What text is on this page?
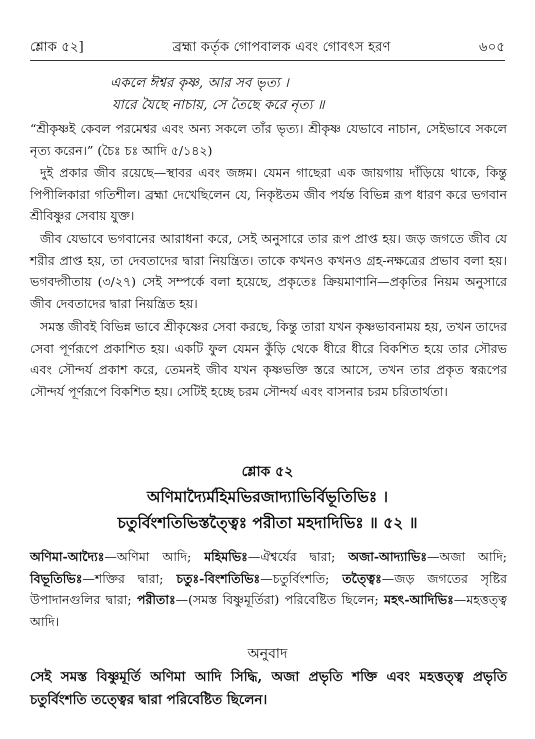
শ্লোক ৫২]	ব্রহ্মা কর্তৃক গোপবালক এবং গোবৎস হরণ	৬০৫
একলে ঈশ্বর কৃষ্ণ, আর সব ভৃত্য ।
যারে যৈছে নাচায়, সে তৈছে করে নৃত্য ॥
“শ্রীকৃষ্ণই কেবল পরমেশ্বর এবং অন্য সকলে তাঁর ভৃত্য। শ্রীকৃষ্ণ যেভাবে নাচান, সেইভাবে সকলে নৃত্য করেন।” (চৈঃ চঃ আদি ৫/১৪২)
দুই প্রকার জীব রয়েছে—স্থাবর এবং জঙ্গম। যেমন গাছেরা এক জায়গায় দাঁড়িয়ে থাকে, কিন্তু পিপীলিকারা গতিশীল। ব্রহ্মা দেখেছিলেন যে, নিকৃষ্টতম জীব পর্যন্ত বিভিন্ন রূপ ধারণ করে ভগবান শ্রীবিষ্ণুর সেবায় যুক্ত।
জীব যেভাবে ভগবানের আরাধনা করে, সেই অনুসারে তার রূপ প্রাপ্ত হয়। জড় জগতে জীব যে শরীর প্রাপ্ত হয়, তা দেবতাদের দ্বারা নিয়ন্ত্রিত। তাকে কখনও কখনও গ্রহ-নক্ষত্রের প্রভাব বলা হয়। ভগবদ্গীতায় (৩/২৭) সেই সম্পর্কে বলা হয়েছে, প্রকৃতেঃ ক্রিয়মাণানি—প্রকৃতির নিয়ম অনুসারে জীব দেবতাদের দ্বারা নিয়ন্ত্রিত হয়।
সমস্ত জীবই বিভিন্ন ভাবে শ্রীকৃষ্ণের সেবা করছে, কিন্তু তারা যখন কৃষ্ণভাবনাময় হয়, তখন তাদের সেবা পূর্ণরূপে প্রকাশিত হয়। একটি ফুল যেমন কুঁড়ি থেকে ধীরে ধীরে বিকশিত হয়ে তার সৌরভ এবং সৌন্দর্য প্রকাশ করে, তেমনই জীব যখন কৃষ্ণভক্তি স্তরে আসে, তখন তার প্রকৃত স্বরূপের সৌন্দর্য পূর্ণরূপে বিকশিত হয়। সেটিই হচ্ছে চরম সৌন্দর্য এবং বাসনার চরম চরিতার্থতা।
শ্লোক ৫২
অণিমাদ্যৈর্মহিমভিরজাদ্যাভির্বিভূতিভিঃ ।
চতুর্বিংশতিভিস্তত্ত্বৈঃ পরীতা মহদাদিভিঃ ॥ ৫২ ॥
অণিমা-আদ্যৈঃ—অণিমা আদি; মহিমভিঃ—ঐশ্বর্যের দ্বারা; অজা-আদ্যাভিঃ—অজা আদি; বিভূতিভিঃ—শক্তির দ্বারা; চতুঃ-বিংশতিভিঃ—চতুর্বিংশতি; তত্ত্বৈঃ—জড় জগতের সৃষ্টির উপাদানগুলির দ্বারা; পরীতাঃ—(সমস্ত বিষ্ণুমূর্তিরা) পরিবেষ্টিত ছিলেন; মহৎ-আদিভিঃ—মহত্তত্ত্ব আদি।
অনুবাদ
সেই সমস্ত বিষ্ণুমূর্তি অণিমা আদি সিদ্ধি, অজা প্রভৃতি শক্তি এবং মহত্তত্ত্ব প্রভৃতি চতুর্বিংশতি তত্ত্বের দ্বারা পরিবেষ্টিত ছিলেন।
